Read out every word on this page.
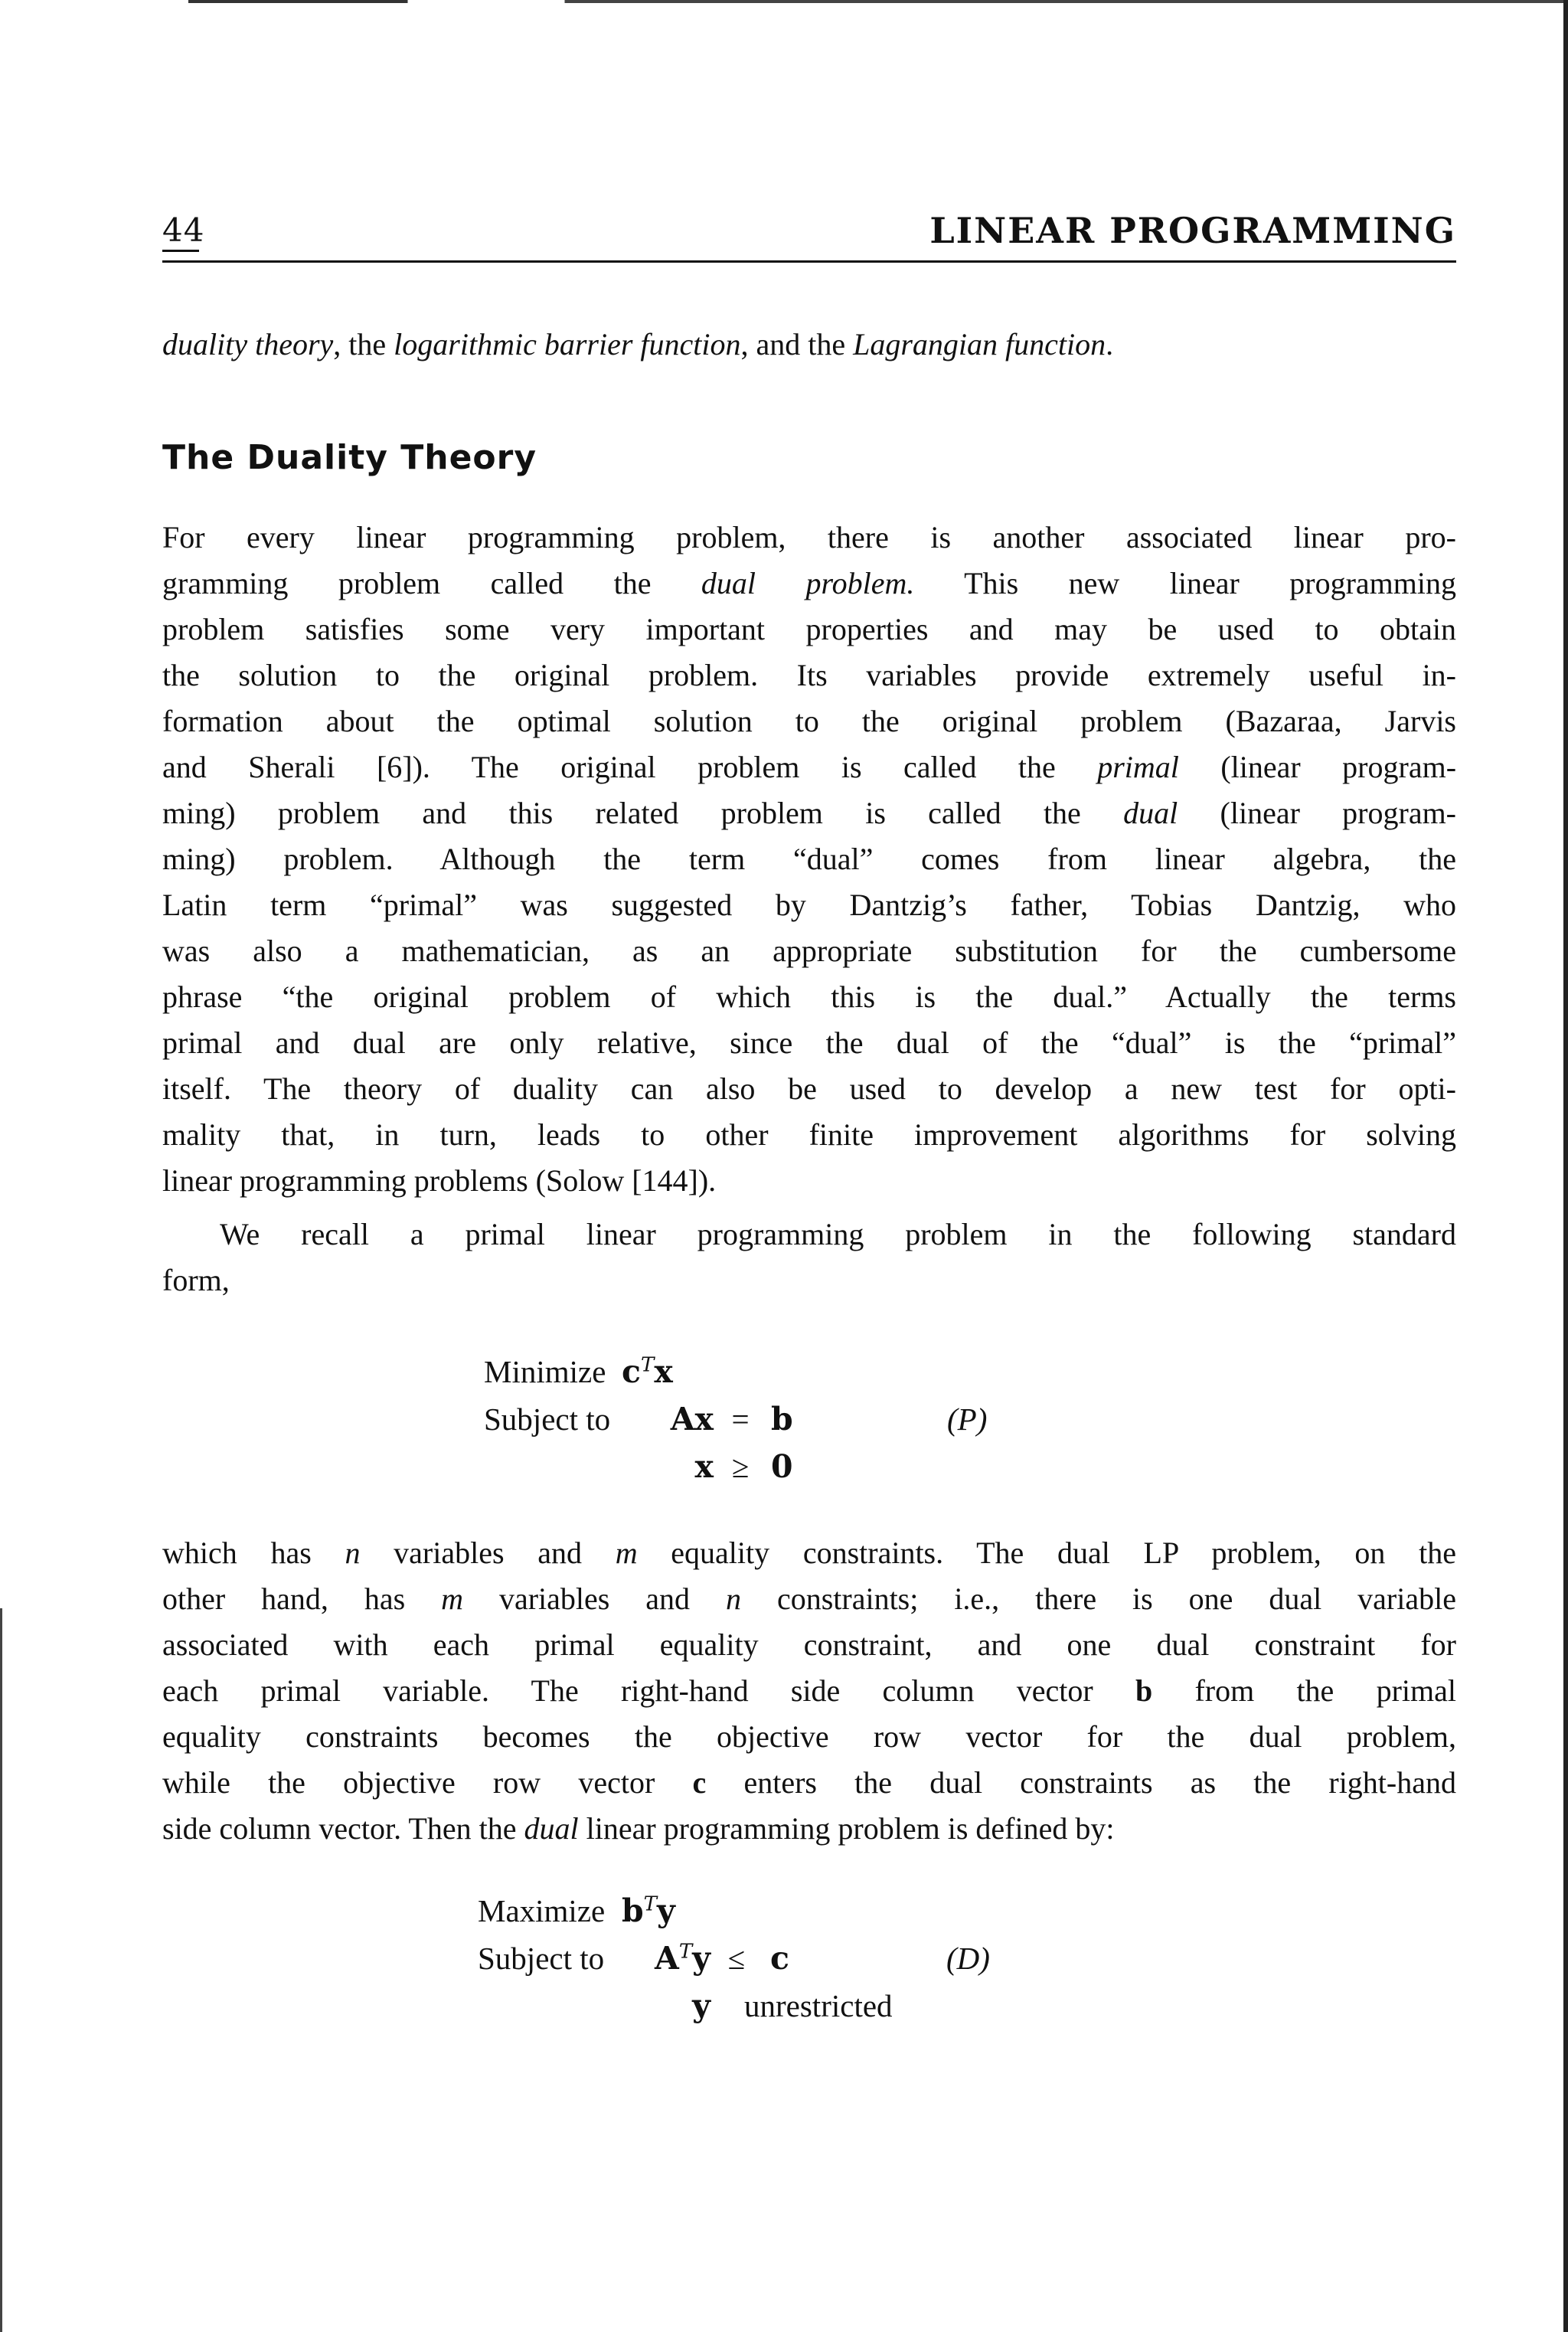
44	LINEAR PROGRAMMING
duality theory, the logarithmic barrier function, and the Lagrangian function.
The Duality Theory
For every linear programming problem, there is another associated linear pro-
gramming problem called the dual problem. This new linear programming
problem satisfies some very important properties and may be used to obtain
the solution to the original problem. Its variables provide extremely useful in-
formation about the optimal solution to the original problem (Bazaraa, Jarvis
and Sherali [6]). The original problem is called the primal (linear program-
ming) problem and this related problem is called the dual (linear program-
ming) problem. Although the term “dual” comes from linear algebra, the
Latin term “primal” was suggested by Dantzig’s father, Tobias Dantzig, who
was also a mathematician, as an appropriate substitution for the cumbersome
phrase “the original problem of which this is the dual.” Actually the terms
primal and dual are only relative, since the dual of the “dual” is the “primal”
itself. The theory of duality can also be used to develop a new test for opti-
mality that, in turn, leads to other finite improvement algorithms for solving
linear programming problems (Solow [144]).
We recall a primal linear programming problem in the following standard
form,
Minimize $c^Tx$
(P)
Subject to	Ax = b
x ≥ 0
which has n variables and m equality constraints. The dual LP problem, on the
other hand, has m variables and n constraints; i.e., there is one dual variable
associated with each primal equality constraint, and one dual constraint for
each primal variable. The right-hand side column vector b from the primal
equality constraints becomes the objective row vector for the dual problem,
while the objective row vector c enters the dual constraints as the right-hand
side column vector. Then the dual linear programming problem is defined by:
Maximize $b^Ty$
Subject to	$A^Ty \le c$	(D)
y unrestricted
